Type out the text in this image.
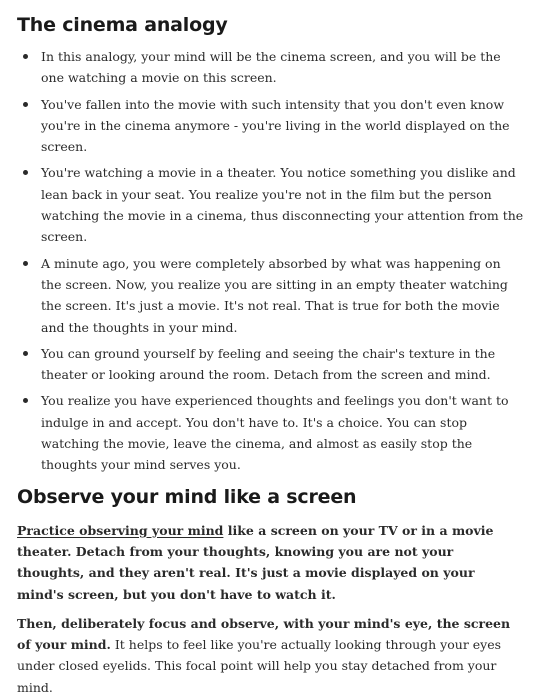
The cinema analogy
In this analogy, your mind will be the cinema screen, and you will be the one watching a movie on this screen.
You've fallen into the movie with such intensity that you don't even know you're in the cinema anymore - you're living in the world displayed on the screen.
You're watching a movie in a theater. You notice something you dislike and lean back in your seat. You realize you're not in the film but the person watching the movie in a cinema, thus disconnecting your attention from the screen.
A minute ago, you were completely absorbed by what was happening on the screen. Now, you realize you are sitting in an empty theater watching the screen. It's just a movie. It's not real. That is true for both the movie and the thoughts in your mind.
You can ground yourself by feeling and seeing the chair's texture in the theater or looking around the room. Detach from the screen and mind.
You realize you have experienced thoughts and feelings you don't want to indulge in and accept. You don't have to. It's a choice. You can stop watching the movie, leave the cinema, and almost as easily stop the thoughts your mind serves you.
Observe your mind like a screen

Practice observing your mind like a screen on your TV or in a movie theater. Detach from your thoughts, knowing you are not your thoughts, and they aren't real. It's just a movie displayed on your mind's screen, but you don't have to watch it.

Then, deliberately focus and observe, with your mind's eye, the screen of your mind. It helps to feel like you're actually looking through your eyes under closed eyelids. This focal point will help you stay detached from your mind.
